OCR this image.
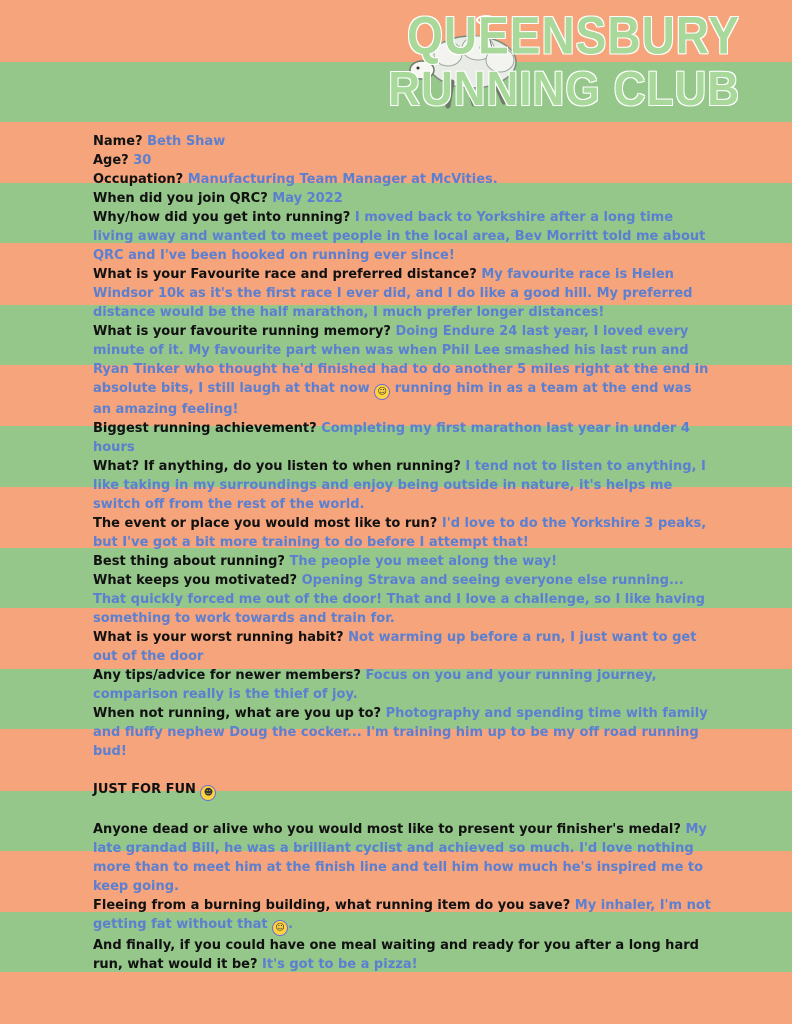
QUEENSBURY
RUNNING CLUB

Name? Beth Shaw

Age? 30

Occupation? Manufacturing Team Manager at McVities.

When did you join QRC? May 2022

Why/how did you get into running? I moved back to Yorkshire after a long time living away and wanted to meet people in the local area, Bev Morritt told me about QRC and I've been hooked on running ever since!

What is your Favourite race and preferred distance? My favourite race is Helen Windsor 10k as it's the first race I ever did, and I do like a good hill. My preferred distance would be the half marathon, I much prefer longer distances!

What is your favourite running memory? Doing Endure 24 last year, I loved every minute of it. My favourite part when was when Phil Lee smashed his last run and Ryan Tinker who thought he'd finished had to do another 5 miles right at the end in absolute bits, I still laugh at that now ☺ running him in as a team at the end was an amazing feeling!

Biggest running achievement? Completing my first marathon last year in under 4 hours

What? If anything, do you listen to when running? I tend not to listen to anything, I like taking in my surroundings and enjoy being outside in nature, it's helps me switch off from the rest of the world.

The event or place you would most like to run? I'd love to do the Yorkshire 3 peaks, but I've got a bit more training to do before I attempt that!

Best thing about running? The people you meet along the way!

What keeps you motivated? Opening Strava and seeing everyone else running... That quickly forced me out of the door! That and I love a challenge, so I like having something to work towards and train for.

What is your worst running habit? Not warming up before a run, I just want to get out of the door

Any tips/advice for newer members? Focus on you and your running journey, comparison really is the thief of joy.

When not running, what are you up to? Photography and spending time with family and fluffy nephew Doug the cocker... I'm training him up to be my off road running bud!

JUST FOR FUN ☻

Anyone dead or alive who you would most like to present your finisher's medal? My late grandad Bill, he was a brilliant cyclist and achieved so much. I'd love nothing more than to meet him at the finish line and tell him how much he's inspired me to keep going.

Fleeing from a burning building, what running item do you save? My inhaler, I'm not getting fat without that ☺ .

And finally, if you could have one meal waiting and ready for you after a long hard run, what would it be? It's got to be a pizza!
